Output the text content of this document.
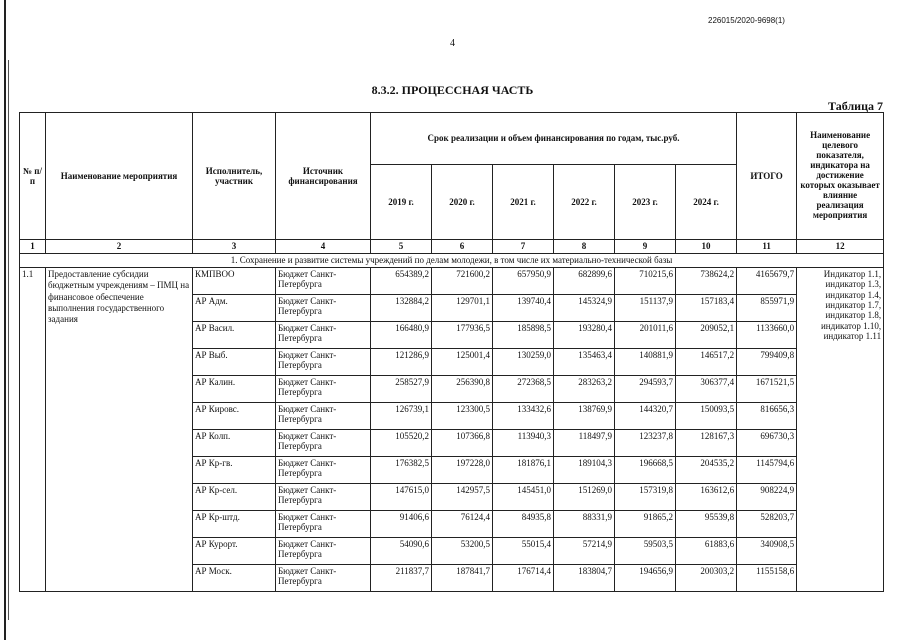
226015/2020-9698(1)
4
8.3.2. ПРОЦЕССНАЯ ЧАСТЬ
Таблица 7
№ п/п	Наименование мероприятия	Исполнитель, участник	Источник финансирования	Срок реализации и объем финансирования по годам, тыс.руб.						ИТОГО	Наименование целевого показателя, индикатора на достижение которых оказывает влияние реализация мероприятия
				2019 г.	2020 г.	2021 г.	2022 г.	2023 г.	2024 г.		
1	2	3	4	5	6	7	8	9	10	11	12
1. Сохранение и развитие системы учреждений по делам молодежи, в том числе их материально-технической базы											
1.1	Предоставление субсидии бюджетным учреждениям – ПМЦ на финансовое обеспечение выполнения государственного задания	КМПВОО	Бюджет Санкт-Петербурга	654389,2	721600,2	657950,9	682899,6	710215,6	738624,2	4165679,7	Индикатор 1.1, индикатор 1.3, индикатор 1.4, индикатор 1.7, индикатор 1.8, индикатор 1.10, индикатор 1.11
		АР Адм.	Бюджет Санкт-Петербурга	132884,2	129701,1	139740,4	145324,9	151137,9	157183,4	855971,9	
		АР Васил.	Бюджет Санкт-Петербурга	166480,9	177936,5	185898,5	193280,4	201011,6	209052,1	1133660,0	
		АР Выб.	Бюджет Санкт-Петербурга	121286,9	125001,4	130259,0	135463,4	140881,9	146517,2	799409,8	
		АР Калин.	Бюджет Санкт-Петербурга	258527,9	256390,8	272368,5	283263,2	294593,7	306377,4	1671521,5	
		АР Кировс.	Бюджет Санкт-Петербурга	126739,1	123300,5	133432,6	138769,9	144320,7	150093,5	816656,3	
		АР Колп.	Бюджет Санкт-Петербурга	105520,2	107366,8	113940,3	118497,9	123237,8	128167,3	696730,3	
		АР Кр-гв.	Бюджет Санкт-Петербурга	176382,5	197228,0	181876,1	189104,3	196668,5	204535,2	1145794,6	
		АР Кр-сел.	Бюджет Санкт-Петербурга	147615,0	142957,5	145451,0	151269,0	157319,8	163612,6	908224,9	
		АР Кр-штд.	Бюджет Санкт-Петербурга	91406,6	76124,4	84935,8	88331,9	91865,2	95539,8	528203,7	
		АР Курорт.	Бюджет Санкт-Петербурга	54090,6	53200,5	55015,4	57214,9	59503,5	61883,6	340908,5	
		АР Моск.	Бюджет Санкт-Петербурга	211837,7	187841,7	176714,4	183804,7	194656,9	200303,2	1155158,6	
